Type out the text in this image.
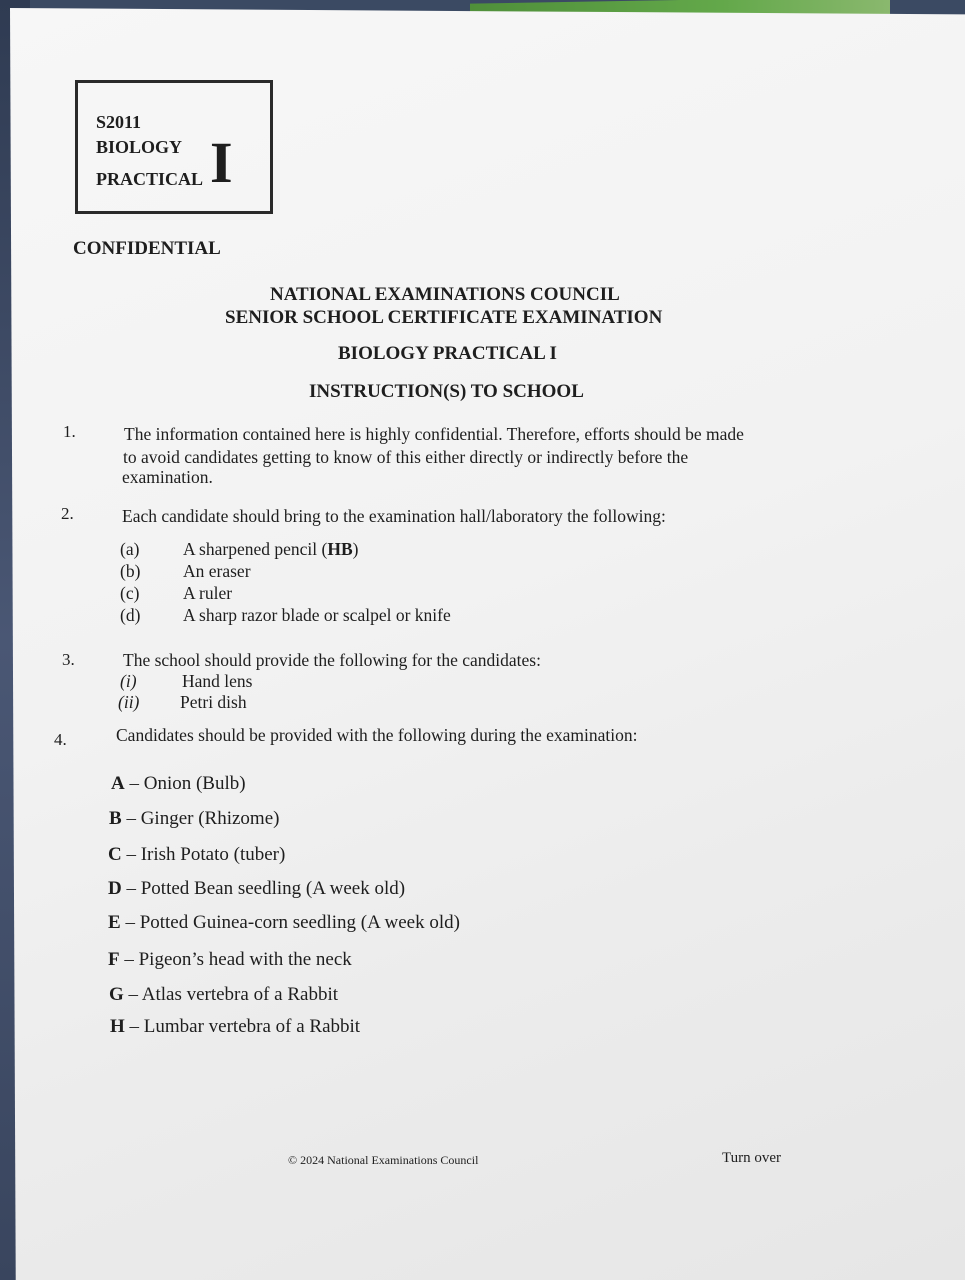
S2011
BIOLOGY
PRACTICAL I
CONFIDENTIAL
NATIONAL EXAMINATIONS COUNCIL
SENIOR SCHOOL CERTIFICATE EXAMINATION
BIOLOGY PRACTICAL I
INSTRUCTION(S) TO SCHOOL
1.	The information contained here is highly confidential. Therefore, efforts should be made
to avoid candidates getting to know of this either directly or indirectly before the
examination.
2.	Each candidate should bring to the examination hall/laboratory the following:
(a) A sharpened pencil (HB)
(b) An eraser
(c) A ruler
(d) A sharp razor blade or scalpel or knife
3.	The school should provide the following for the candidates:
(i)	Hand lens
(ii) Petri dish
4.	Candidates should be provided with the following during the examination:
A – Onion (Bulb)
B – Ginger (Rhizome)
C – Irish Potato (tuber)
D – Potted Bean seedling (A week old)
E – Potted Guinea-corn seedling (A week old)
F – Pigeon’s head with the neck
G – Atlas vertebra of a Rabbit
H – Lumbar vertebra of a Rabbit
© 2024 National Examinations Council	Turn over
